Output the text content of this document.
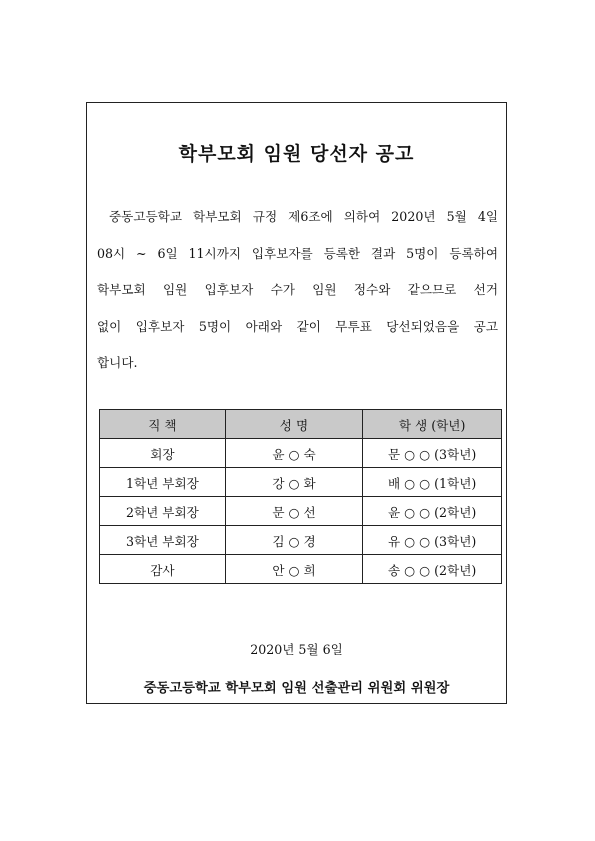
학부모회 임원 당선자 공고
중동고등학교 학부모회 규정 제6조에 의하여 2020년 5월 4일
08시 ~ 6일 11시까지 입후보자를 등록한 결과 5명이 등록하여
학부모회 임원 입후보자 수가 임원 정수와 같으므로 선거
없이 입후보자 5명이 아래와 같이 무투표 당선되었음을 공고
합니다.
직 책	성 명	학 생 (학년)
회장	윤 ○ 숙	문 ○ ○ (3학년)
1학년 부회장	강 ○ 화	배 ○ ○ (1학년)
2학년 부회장	문 ○ 선	윤 ○ ○ (2학년)
3학년 부회장	김 ○ 경	유 ○ ○ (3학년)
감사	안 ○ 희	송 ○ ○ (2학년)
2020년 5월 6일
중동고등학교 학부모회 임원 선출관리 위원회 위원장
